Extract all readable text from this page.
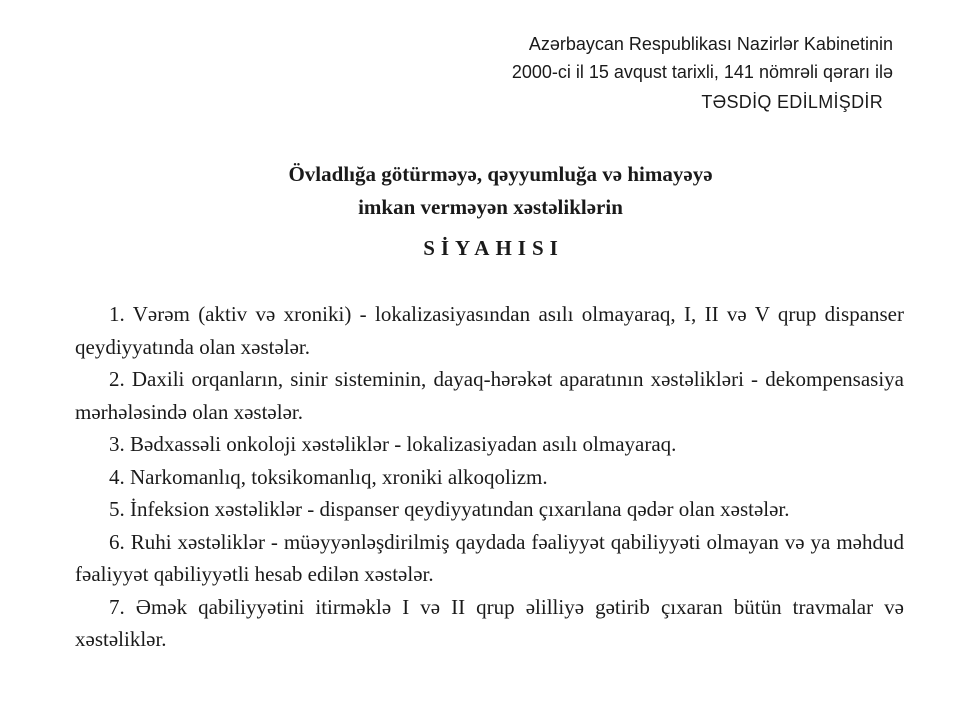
Azərbaycan Respublikası Nazirlər Kabinetinin
2000-ci il 15 avqust tarixli, 141 nömrəli qərarı ilə
TƏSDİQ EDİLMİŞDİR
Övladlığa götürməyə, qəyyumluğa və himayəyə
imkan verməyən xəstəliklərin
SİYAHISI

1. Vərəm (aktiv və xroniki) - lokalizasiyasından asılı olmayaraq, I, II və V qrup dispanser qeydiyyatında olan xəstələr.

2. Daxili orqanların, sinir sisteminin, dayaq-hərəkət aparatının xəstəlikləri - dekompensasiya mərhələsində olan xəstələr.

3. Bədxassəli onkoloji xəstəliklər - lokalizasiyadan asılı olmayaraq.

4. Narkomanlıq, toksikomanlıq, xroniki alkoqolizm.

5. İnfeksion xəstəliklər - dispanser qeydiyyatından çıxarılana qədər olan xəstələr.

6. Ruhi xəstəliklər - müəyyənləşdirilmiş qaydada fəaliyyət qabiliyyəti olmayan və ya məhdud fəaliyyət qabiliyyətli hesab edilən xəstələr.

7. Əmək qabiliyyətini itirməklə I və II qrup əlilliyə gətirib çıxaran bütün travmalar və xəstəliklər.
